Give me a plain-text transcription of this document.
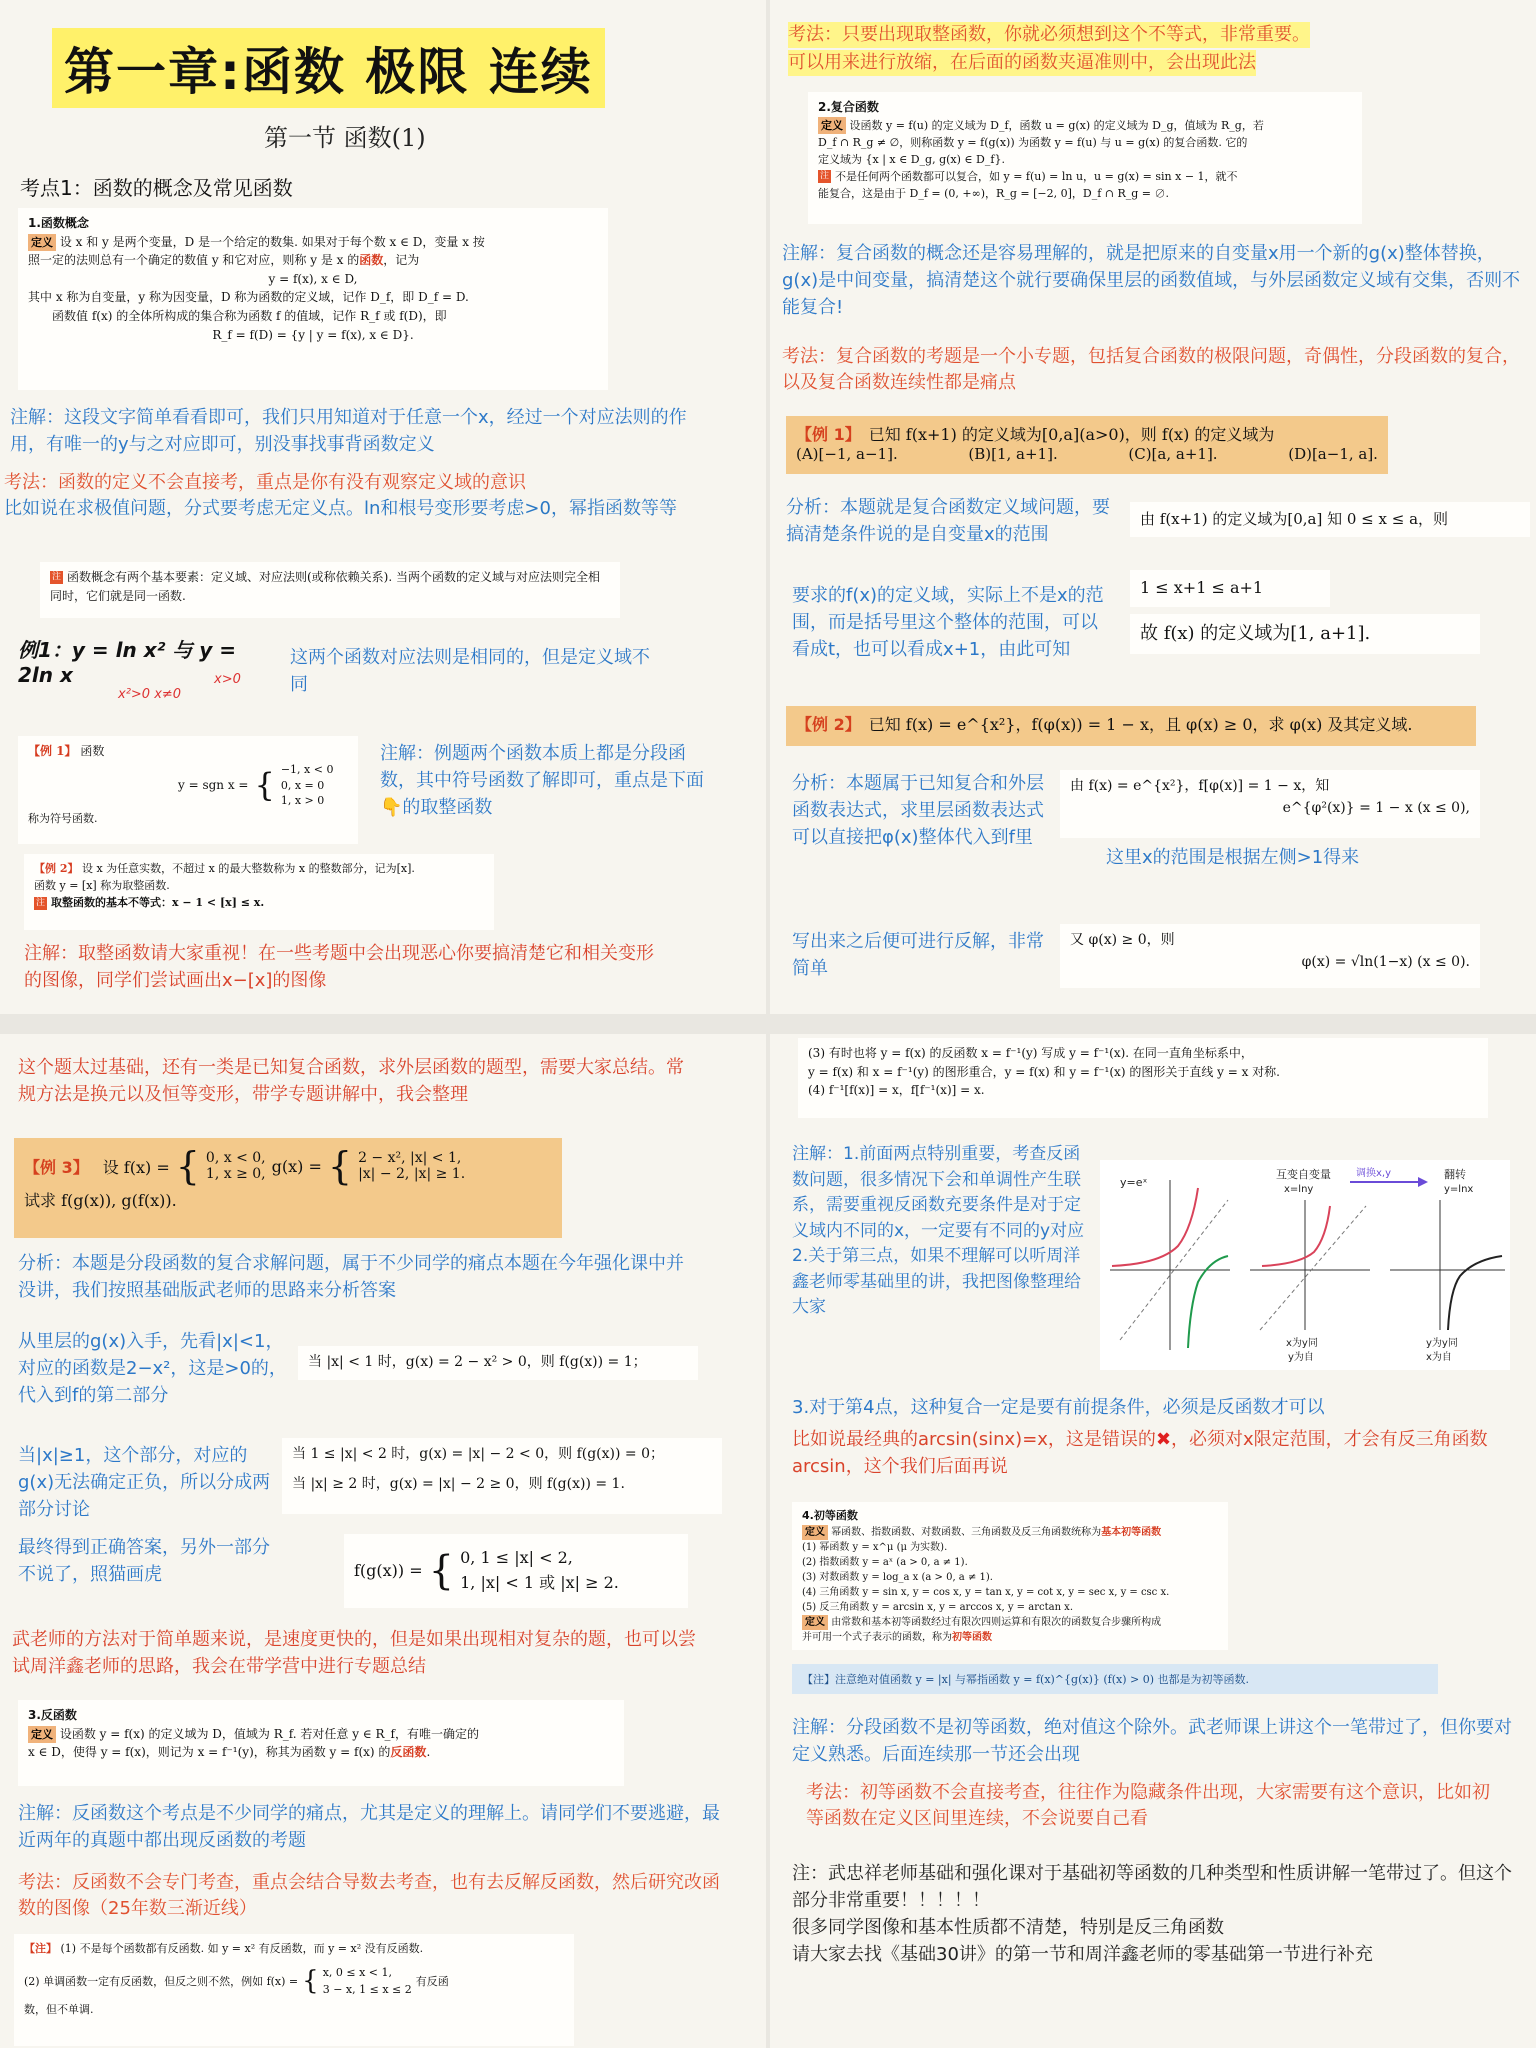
第一章:函数 极限 连续
第一节 函数(1)
考点1：函数的概念及常见函数
1.函数概念
定义 设 x 和 y 是两个变量，D 是一个给定的数集. 如果对于每个数 x ∈ D，变量 x 按
照一定的法则总有一个确定的数值 y 和它对应，则称 y 是 x 的函数，记为
y = f(x), x ∈ D,
其中 x 称为自变量，y 称为因变量，D 称为函数的定义域，记作 D_f，即 D_f = D.
函数值 f(x) 的全体所构成的集合称为函数 f 的值域，记作 R_f 或 f(D)，即
R_f = f(D) = {y | y = f(x), x ∈ D}.
注解：这段文字简单看看即可，我们只用知道对于任意一个x，经过一个对应法则的作用，有唯一的y与之对应即可，别没事找事背函数定义
考法：函数的定义不会直接考，重点是你有没有观察定义域的意识
比如说在求极值问题，分式要考虑无定义点。ln和根号变形要考虑>0，幂指函数等等
注 函数概念有两个基本要素：定义域、对应法则(或称依赖关系). 当两个函数的定义域与对应法则完全相同时，它们就是同一函数.
例1：y = ln x² 与 y = 2ln x
x²>0 x≠0
x>0
这两个函数对应法则是相同的，但是定义域不同
【例 1】 函数
y = sgn x = { −1, x < 0
0, x = 0
1, x > 0
称为符号函数.
注解：例题两个函数本质上都是分段函数，其中符号函数了解即可，重点是下面👇的取整函数
【例 2】 设 x 为任意实数，不超过 x 的最大整数称为 x 的整数部分，记为[x].
函数 y = [x] 称为取整函数.
注 取整函数的基本不等式：x − 1 < [x] ≤ x.
注解：取整函数请大家重视！在一些考题中会出现恶心你要搞清楚它和相关变形的图像，同学们尝试画出x−[x]的图像
考法：只要出现取整函数，你就必须想到这个不等式，非常重要。
可以用来进行放缩，在后面的函数夹逼准则中，会出现此法
2.复合函数
定义 设函数 y = f(u) 的定义域为 D_f，函数 u = g(x) 的定义域为 D_g，值域为 R_g，若
D_f ∩ R_g ≠ ∅，则称函数 y = f(g(x)) 为函数 y = f(u) 与 u = g(x) 的复合函数. 它的
定义域为 {x | x ∈ D_g, g(x) ∈ D_f}.
注 不是任何两个函数都可以复合，如 y = f(u) = ln u，u = g(x) = sin x − 1，就不
能复合，这是由于 D_f = (0, +∞)，R_g = [−2, 0]，D_f ∩ R_g = ∅.
注解：复合函数的概念还是容易理解的，就是把原来的自变量x用一个新的g(x)整体替换，g(x)是中间变量，搞清楚这个就行要确保里层的函数值域，与外层函数定义域有交集，否则不能复合!
考法：复合函数的考题是一个小专题，包括复合函数的极限问题，奇偶性，分段函数的复合，以及复合函数连续性都是痛点
【例 1】 已知 f(x+1) 的定义域为[0,a](a>0)，则 f(x) 的定义域为
(A)[−1, a−1].	(B)[1, a+1].	(C)[a, a+1].	(D)[a−1, a].
分析：本题就是复合函数定义域问题，要搞清楚条件说的是自变量x的范围
由 f(x+1) 的定义域为[0,a] 知 0 ≤ x ≤ a，则
要求的f(x)的定义域，实际上不是x的范围，而是括号里这个整体的范围，可以看成t，也可以看成x+1，由此可知
1 ≤ x+1 ≤ a+1
故 f(x) 的定义域为[1, a+1].
【例 2】 已知 f(x) = e^{x²}，f(φ(x)) = 1 − x，且 φ(x) ≥ 0，求 φ(x) 及其定义域.
分析：本题属于已知复合和外层函数表达式，求里层函数表达式可以直接把φ(x)整体代入到f里
由 f(x) = e^{x²}，f[φ(x)] = 1 − x，知
e^{φ²(x)} = 1 − x (x ≤ 0),
这里x的范围是根据左侧>1得来
写出来之后便可进行反解，非常简单
又 φ(x) ≥ 0，则
φ(x) = √ln(1−x) (x ≤ 0).
这个题太过基础，还有一类是已知复合函数，求外层函数的题型，需要大家总结。常规方法是换元以及恒等变形，带学专题讲解中，我会整理
【例 3】 设 f(x) = { 0, x < 0,
1, x ≥ 0, g(x) = { 2 − x², |x| < 1,
|x| − 2, |x| ≥ 1.
试求 f(g(x)), g(f(x)).
分析：本题是分段函数的复合求解问题，属于不少同学的痛点本题在今年强化课中并没讲，我们按照基础版武老师的思路来分析答案
从里层的g(x)入手，先看|x|<1，对应的函数是2−x²，这是>0的，代入到f的第二部分
当 |x| < 1 时，g(x) = 2 − x² > 0，则 f(g(x)) = 1；
当|x|≥1，这个部分，对应的g(x)无法确定正负，所以分成两部分讨论
当 1 ≤ |x| < 2 时，g(x) = |x| − 2 < 0，则 f(g(x)) = 0；
当 |x| ≥ 2 时，g(x) = |x| − 2 ≥ 0，则 f(g(x)) = 1.
最终得到正确答案，另外一部分不说了，照猫画虎	f(g(x)) = { 0, 1 ≤ |x| < 2,
1, |x| < 1 或 |x| ≥ 2.
武老师的方法对于简单题来说，是速度更快的，但是如果出现相对复杂的题，也可以尝试周洋鑫老师的思路，我会在带学营中进行专题总结
3.反函数
定义 设函数 y = f(x) 的定义域为 D，值域为 R_f. 若对任意 y ∈ R_f，有唯一确定的
x ∈ D，使得 y = f(x)，则记为 x = f⁻¹(y)，称其为函数 y = f(x) 的反函数.
注解：反函数这个考点是不少同学的痛点，尤其是定义的理解上。请同学们不要逃避，最近两年的真题中都出现反函数的考题
考法：反函数不会专门考查，重点会结合导数去考查，也有去反解反函数，然后研究改函数的图像（25年数三渐近线）
【注】 (1) 不是每个函数都有反函数. 如 y = x² 有反函数，而 y = x² 没有反函数.
(2) 单调函数一定有反函数，但反之则不然，例如 f(x) = { x, 0 ≤ x < 1,
3 − x, 1 ≤ x ≤ 2
有反函
数，但不单调.
(3) 有时也将 y = f(x) 的反函数 x = f⁻¹(y) 写成 y = f⁻¹(x). 在同一直角坐标系中，
y = f(x) 和 x = f⁻¹(y) 的图形重合，y = f(x) 和 y = f⁻¹(x) 的图形关于直线 y = x 对称.
(4) f⁻¹[f(x)] = x，f[f⁻¹(x)] = x.
注解：1.前面两点特别重要，考查反函数问题，很多情况下会和单调性产生联系，需要重视反函数充要条件是对于定义域内不同的x，一定要有不同的y对应2.关于第三点，如果不理解可以听周洋鑫老师零基础里的讲，我把图像整理给大家
y=eˣ
互变自变量
x=lny
x为y同
y为自
调换x,y	翻转
y=lnx
y为y同
x为自
3.对于第4点，这种复合一定是要有前提条件，必须是反函数才可以
比如说最经典的arcsin(sinx)=x，这是错误的✖，必须对x限定范围，才会有反三角函数arcsin，这个我们后面再说
4.初等函数
定义 幂函数、指数函数、对数函数、三角函数及反三角函数统称为基本初等函数
(1) 幂函数 y = x^μ (μ 为实数).
(2) 指数函数 y = aˣ (a > 0, a ≠ 1).
(3) 对数函数 y = log_a x (a > 0, a ≠ 1).
(4) 三角函数 y = sin x, y = cos x, y = tan x, y = cot x, y = sec x, y = csc x.
(5) 反三角函数 y = arcsin x, y = arccos x, y = arctan x.
定义 由常数和基本初等函数经过有限次四则运算和有限次的函数复合步骤所构成
并可用一个式子表示的函数，称为初等函数
【注】注意绝对值函数 y = |x| 与幂指函数 y = f(x)^{g(x)} (f(x) > 0) 也都是为初等函数.
注解：分段函数不是初等函数，绝对值这个除外。武老师课上讲这个一笔带过了，但你要对定义熟悉。后面连续那一节还会出现
考法：初等函数不会直接考查，往往作为隐藏条件出现，大家需要有这个意识，比如初等函数在定义区间里连续，不会说要自己看
注：武忠祥老师基础和强化课对于基础初等函数的几种类型和性质讲解一笔带过了。但这个部分非常重要！！！！！
很多同学图像和基本性质都不清楚，特别是反三角函数
请大家去找《基础30讲》的第一节和周洋鑫老师的零基础第一节进行补充
